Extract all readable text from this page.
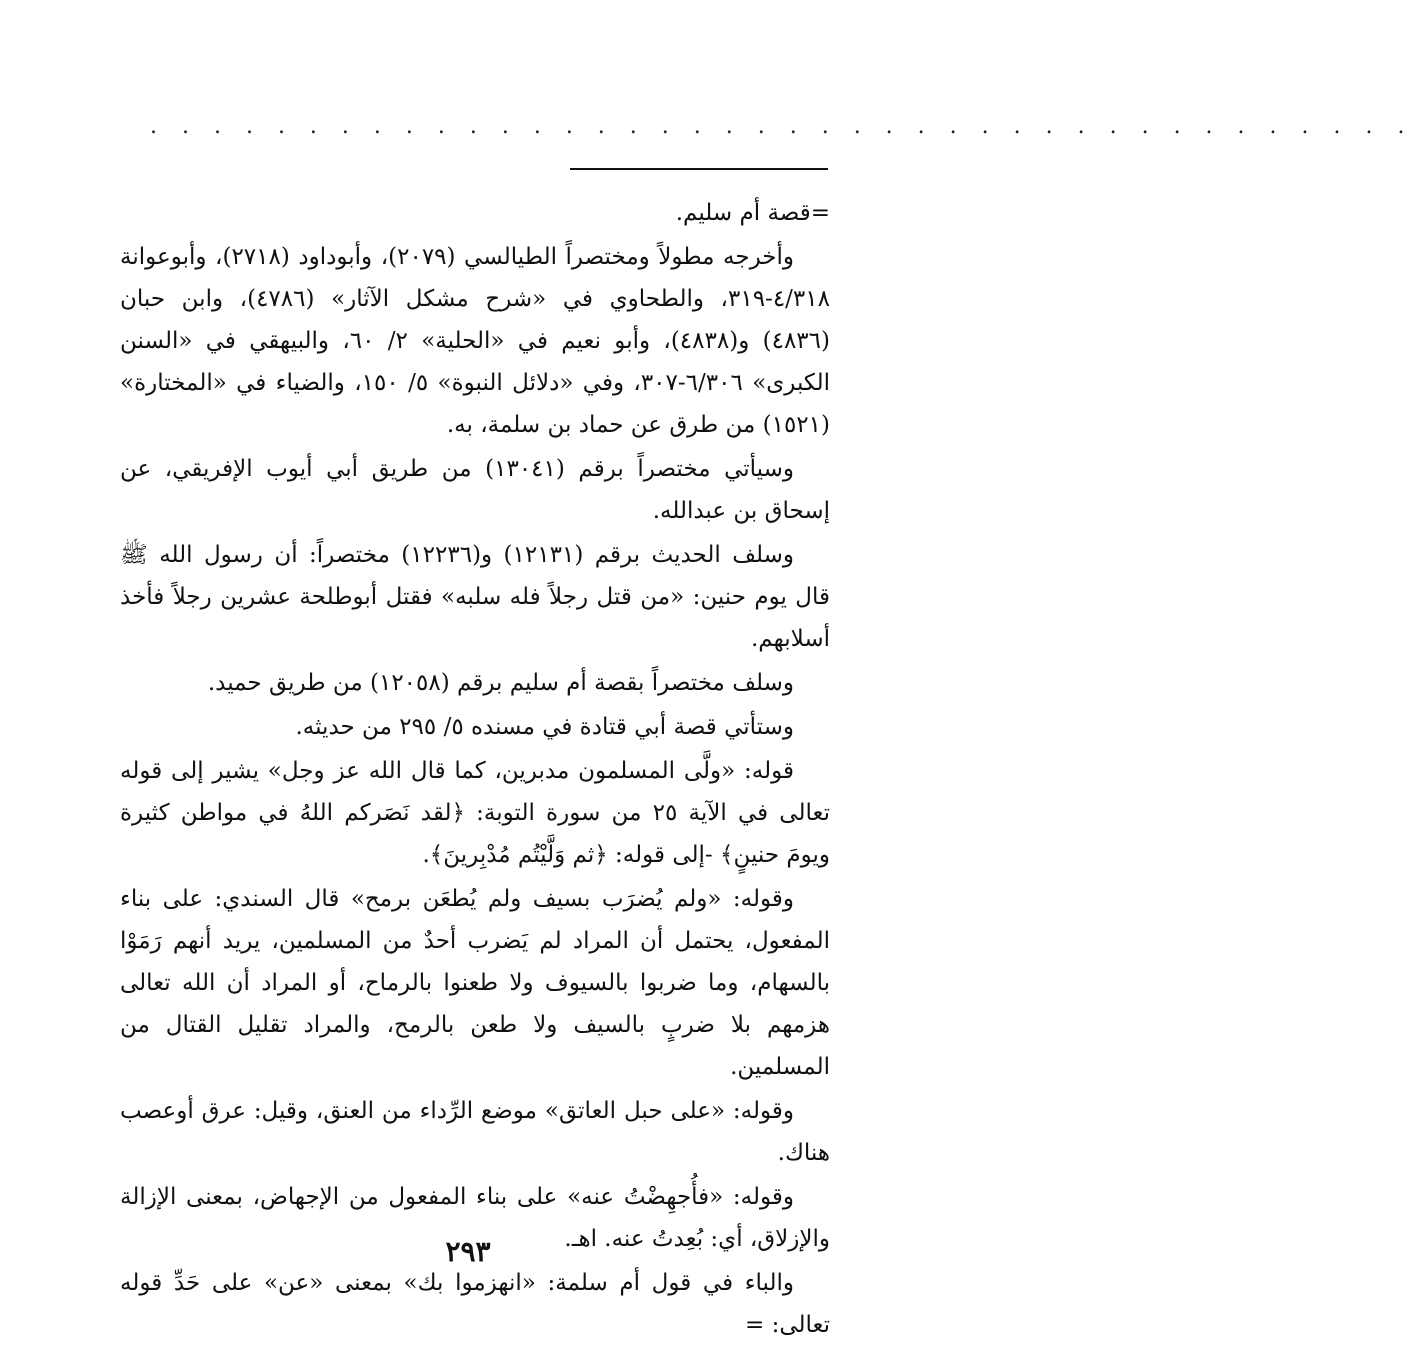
. . . . . . . . . . . . . . . . . . . . . . . . . . . . . . . . . . . . . . . .

=قصة أم سليم.

وأخرجه مطولاً ومختصراً الطيالسي (٢٠٧٩)، وأبوداود (٢٧١٨)، وأبوعوانة ٤/٣١٨-٣١٩، والطحاوي في «شرح مشكل الآثار» (٤٧٨٦)، وابن حبان (٤٨٣٦) و(٤٨٣٨)، وأبو نعيم في «الحلية» ٢/ ٦٠، والبيهقي في «السنن الكبرى» ٦/٣٠٦-٣٠٧، وفي «دلائل النبوة» ٥/ ١٥٠، والضياء في «المختارة» (١٥٢١) من طرق عن حماد بن سلمة، به.

وسيأتي مختصراً برقم (١٣٠٤١) من طريق أبي أيوب الإفريقي، عن إسحاق بن عبدالله.

وسلف الحديث برقم (١٢١٣١) و(١٢٢٣٦) مختصراً: أن رسول الله ﷺ قال يوم حنين: «من قتل رجلاً فله سلبه» فقتل أبوطلحة عشرين رجلاً فأخذ أسلابهم.

وسلف مختصراً بقصة أم سليم برقم (١٢٠٥٨) من طريق حميد.

وستأتي قصة أبي قتادة في مسنده ٥/ ٢٩٥ من حديثه.

قوله: «ولَّى المسلمون مدبرين، كما قال الله عز وجل» يشير إلى قوله تعالى في الآية ٢٥ من سورة التوبة: ﴿لقد نَصَركم اللهُ في مواطن كثيرة ويومَ حنينٍ﴾ -إلى قوله: ﴿ثم وَلَّيْتُم مُدْبِرينَ﴾.

وقوله: «ولم يُضرَب بسيف ولم يُطعَن برمح» قال السندي: على بناء المفعول، يحتمل أن المراد لم يَضرب أحدٌ من المسلمين، يريد أنهم رَمَوْا بالسهام، وما ضربوا بالسيوف ولا طعنوا بالرماح، أو المراد أن الله تعالى هزمهم بلا ضربٍ بالسيف ولا طعن بالرمح، والمراد تقليل القتال من المسلمين.

وقوله: «على حبل العاتق» موضع الرِّداء من العنق، وقيل: عرق أوعصب هناك.

وقوله: «فأُجهِضْتُ عنه» على بناء المفعول من الإجهاض، بمعنى الإزالة والإزلاق، أي: بُعِدتُ عنه. اهـ.

والباء في قول أم سلمة: «انهزموا بك» بمعنى «عن» على حَدِّ قوله تعالى: =

٢٩٣
